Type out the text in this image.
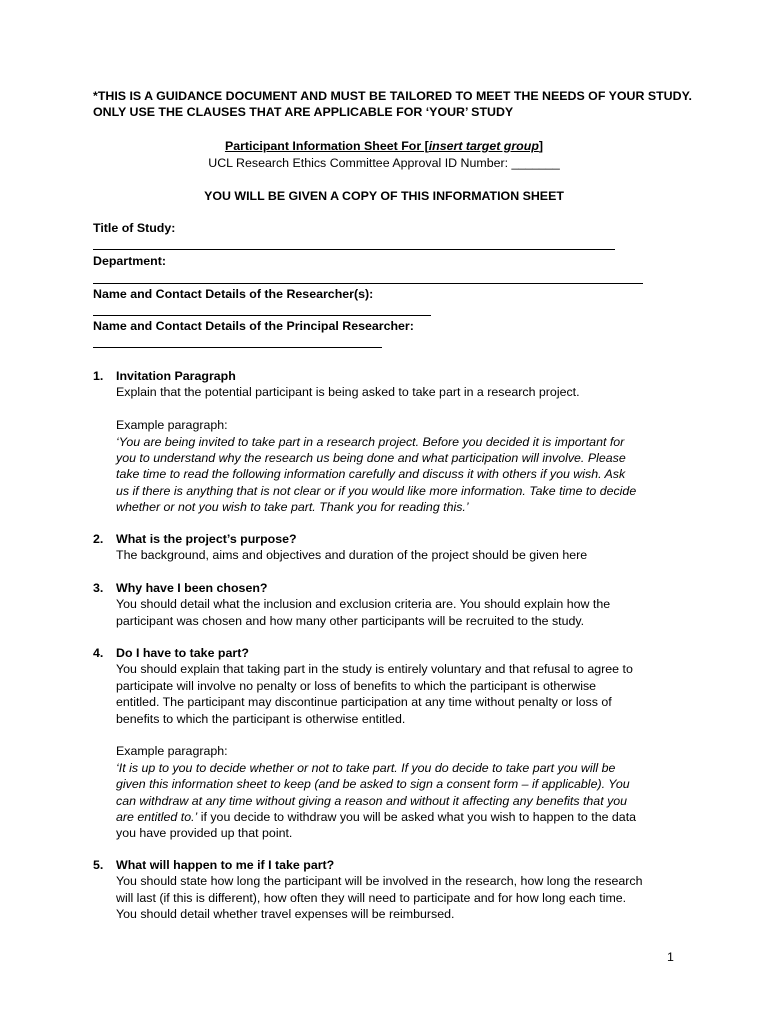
*THIS IS A GUIDANCE DOCUMENT AND MUST BE TAILORED TO MEET THE NEEDS OF YOUR STUDY.
ONLY USE THE CLAUSES THAT ARE APPLICABLE FOR ‘YOUR’ STUDY
Participant Information Sheet For [insert target group]
UCL Research Ethics Committee Approval ID Number: _______
YOU WILL BE GIVEN A COPY OF THIS INFORMATION SHEET
Title of Study:
Department:
Name and Contact Details of the Researcher(s):
Name and Contact Details of the Principal Researcher:
1. Invitation Paragraph

Explain that the potential participant is being asked to take part in a research project.

Example paragraph:

‘You are being invited to take part in a research project. Before you decided it is important for

you to understand why the research us being done and what participation will involve. Please

take time to read the following information carefully and discuss it with others if you wish. Ask

us if there is anything that is not clear or if you would like more information. Take time to decide

whether or not you wish to take part. Thank you for reading this.’

2. What is the project’s purpose?

The background, aims and objectives and duration of the project should be given here

3. Why have I been chosen?

You should detail what the inclusion and exclusion criteria are. You should explain how the

participant was chosen and how many other participants will be recruited to the study.

4. Do I have to take part?

You should explain that taking part in the study is entirely voluntary and that refusal to agree to

participate will involve no penalty or loss of benefits to which the participant is otherwise

entitled. The participant may discontinue participation at any time without penalty or loss of

benefits to which the participant is otherwise entitled.

Example paragraph:

‘It is up to you to decide whether or not to take part. If you do decide to take part you will be

given this information sheet to keep (and be asked to sign a consent form – if applicable). You

can withdraw at any time without giving a reason and without it affecting any benefits that you

are entitled to.’ if you decide to withdraw you will be asked what you wish to happen to the data

you have provided up that point.

5. What will happen to me if I take part?

You should state how long the participant will be involved in the research, how long the research

will last (if this is different), how often they will need to participate and for how long each time.

You should detail whether travel expenses will be reimbursed.

1
